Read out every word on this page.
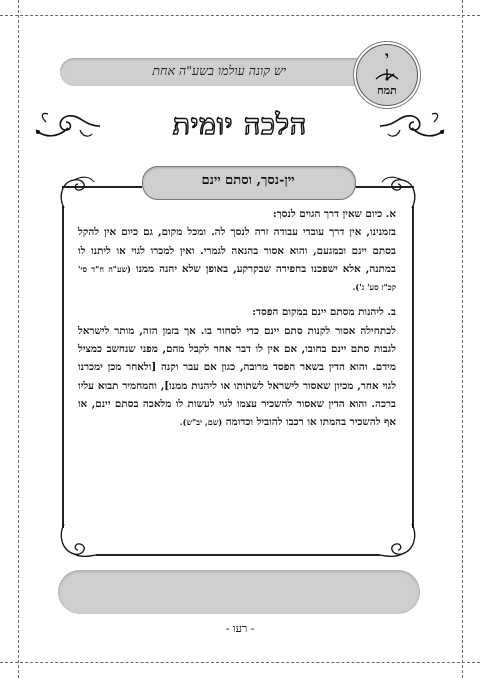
יש קונה עולמו בשע"ה אחת
י
תמח
הלכה יומית
יין-נסך, וסתם יינם
א. כיום שאין דרך הגוים לנסך:
בזמנינו, אין דרך עובדי עבודה זרה לנסך לה. ומכל מקום, גם כיום אין להקל בסתם יינם ובמגעם, והוא אסור בהנאה לגמרי. ואין למכרו לגוי או ליתנו לו במתנה, אלא ישפכנו בחפירה שבקרקע, באופן שלא יהנה ממנו (שע"ה ח"ד סי' קכ"ז סע' ג').
ב. ליהנות מסתם יינם במקום הפסד:
לכתחילה אסור לקנות סתם יינם כדי לסחור בו. אך בזמן הזה, מותר לישראל לגבות סתם יינם בחובו, אם אין לו דבר אחר לקבל מהם, מפני שנחשב כמציל מידם. והוא הדין בשאר הפסד מרובה, כגון אם עבר וקנה [ולאחר מכן ימכרנו לגוי אחר, מכיון שאסור לישראל לשתותו או ליהנות ממנו], והמחמיר תבוא עליו ברכה. והוא הדין שאסור להשכיר עצמו לגוי לעשות לו מלאכה בסתם יינם, או אף להשכיר בהמתו או רכבו להוביל וכדומה (שם, יב"ש).
- רעו -
